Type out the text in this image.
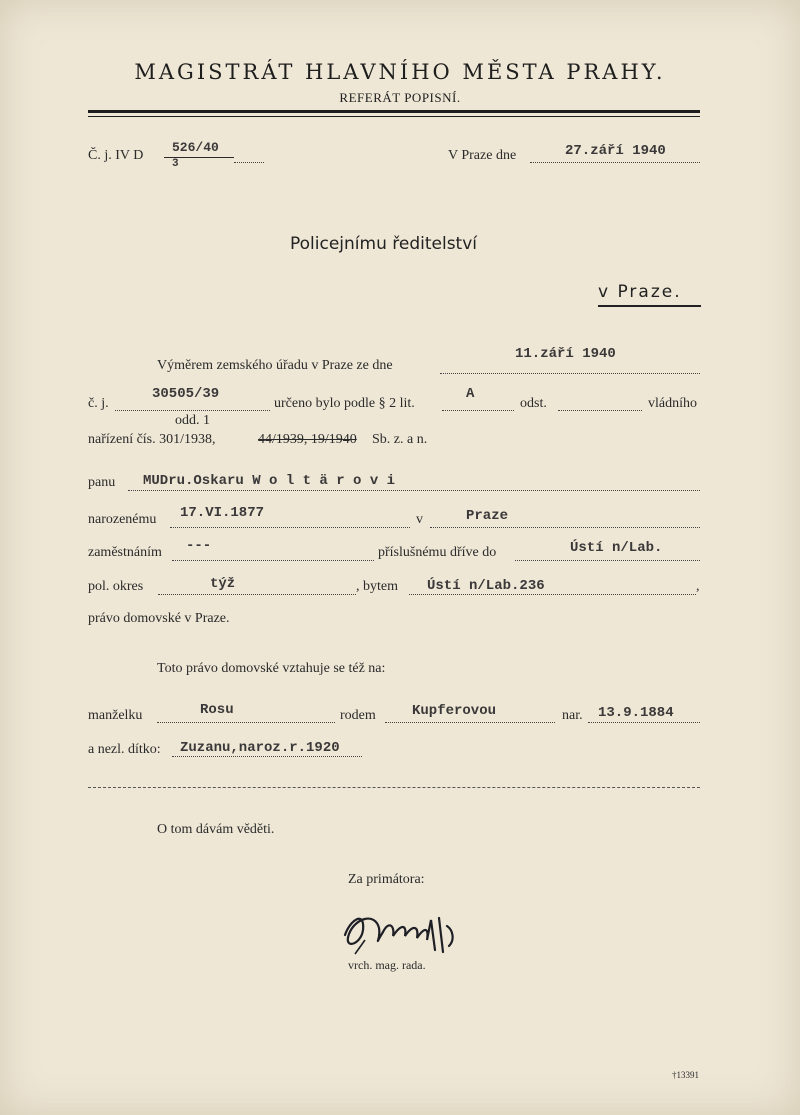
MAGISTRÁT HLAVNÍHO MĚSTA PRAHY.
REFERÁT POPISNÍ.
Č. j. IV D
526/40
3
V Praze dne	27.září 1940
Policejnímu ředitelství
v Praze.
Výměrem zemského úřadu v Praze ze dne
11.září 1940
č. j.
30505/39
určeno bylo podle § 2 lit.
A
odst.	vládního
odd. 1
nařízení čís. 301/1938,	44/1939, 19/1940 Sb. z. a n.
panu MUDru.Oskaru W o l t ä r o v i
narozenému 17.VI.1877	v	Praze
zaměstnáním ---	příslušnému dříve do	Ústí n/Lab.
pol. okres	týž	, bytem Ústí n/Lab.236	,
právo domovské v Praze.
Toto právo domovské vztahuje se též na:
manželku	Rosu	rodem	Kupferovou	nar. 13.9.1884
a nezl. dítko: Zuzanu,naroz.r.1920
O tom dávám věděti.
Za primátora:
vrch. mag. rada.
†13391
